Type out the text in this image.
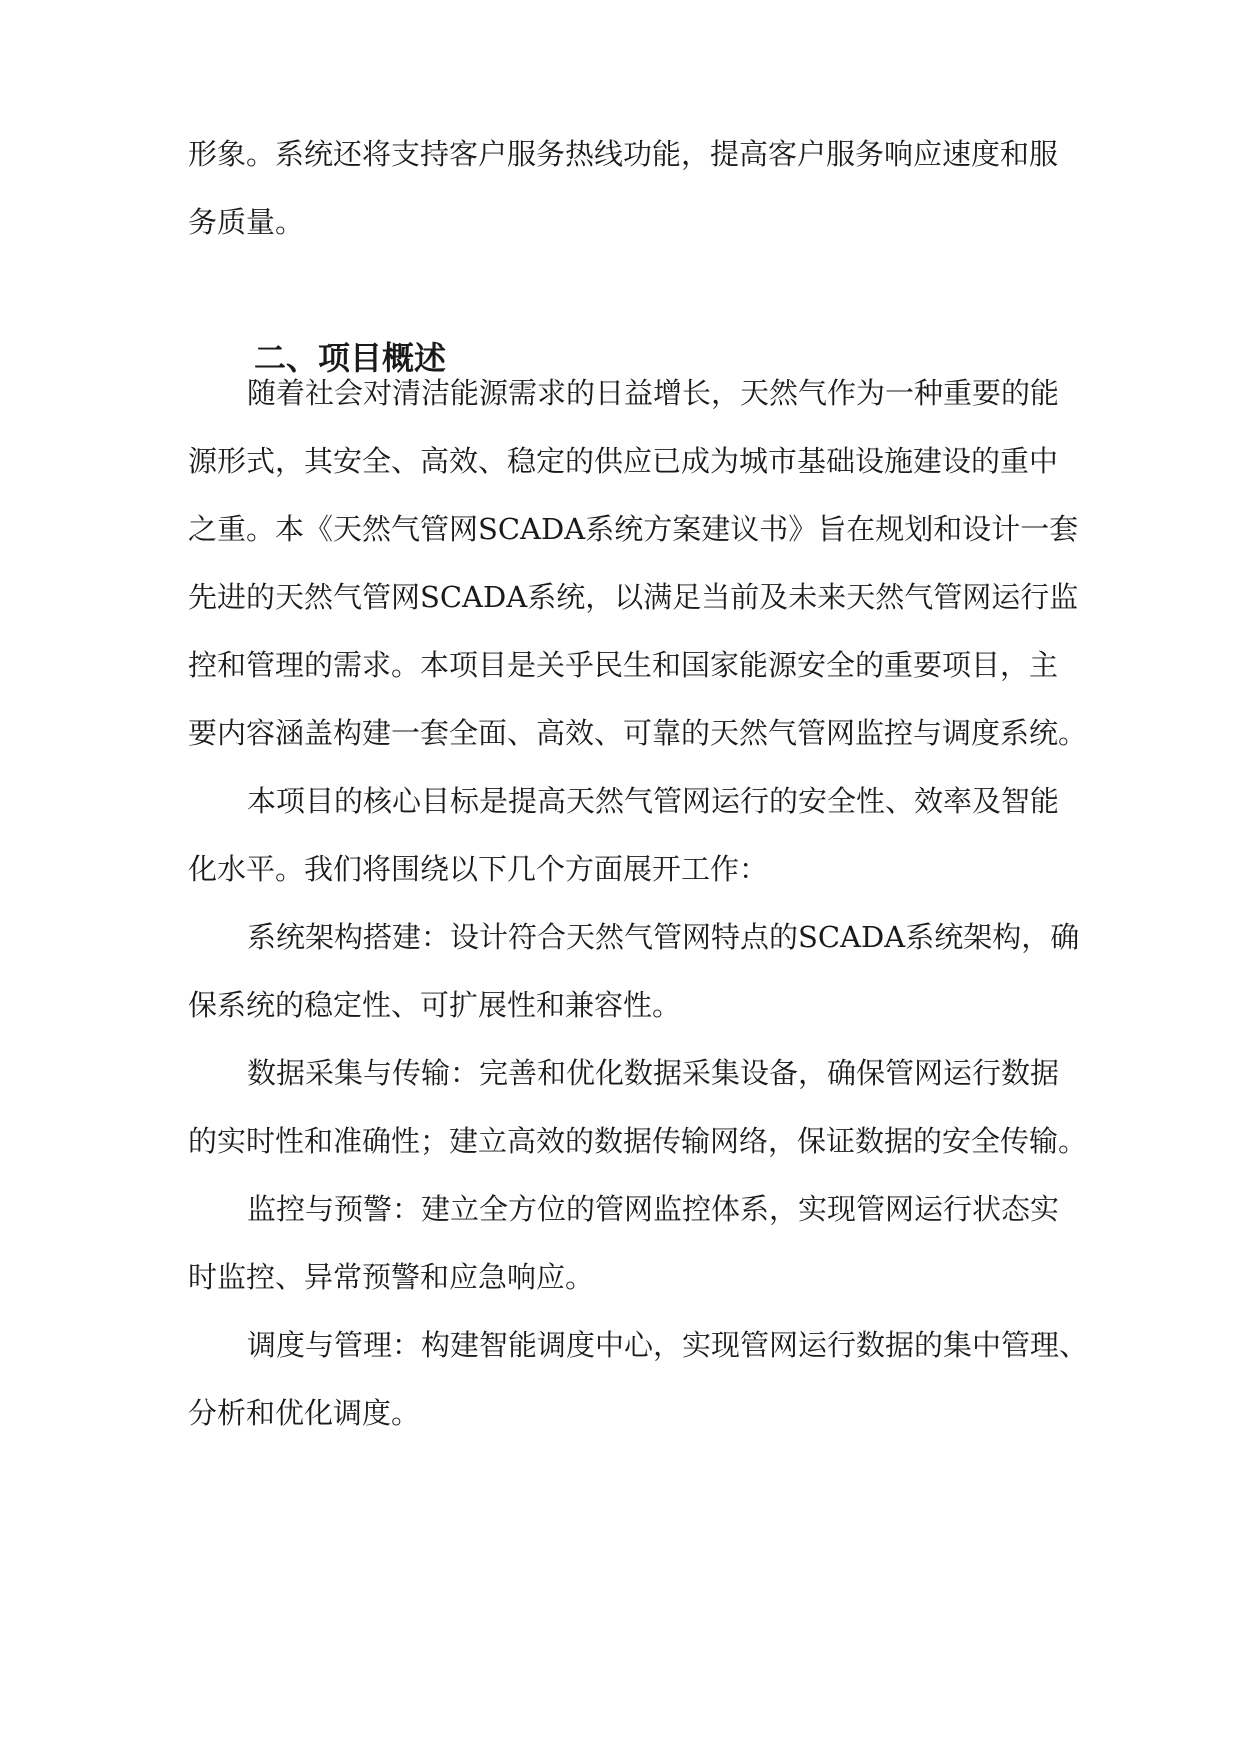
形象。系统还将支持客户服务热线功能，提高客户服务响应速度和服
务质量。
二、项目概述
随着社会对清洁能源需求的日益增长，天然气作为一种重要的能
源形式，其安全、高效、稳定的供应已成为城市基础设施建设的重中
之重。本《天然气管网SCADA系统方案建议书》旨在规划和设计一套
先进的天然气管网SCADA系统，以满足当前及未来天然气管网运行监
控和管理的需求。本项目是关乎民生和国家能源安全的重要项目，主
要内容涵盖构建一套全面、高效、可靠的天然气管网监控与调度系统。
本项目的核心目标是提高天然气管网运行的安全性、效率及智能
化水平。我们将围绕以下几个方面展开工作：
系统架构搭建：设计符合天然气管网特点的SCADA系统架构，确
保系统的稳定性、可扩展性和兼容性。
数据采集与传输：完善和优化数据采集设备，确保管网运行数据
的实时性和准确性；建立高效的数据传输网络，保证数据的安全传输。
监控与预警：建立全方位的管网监控体系，实现管网运行状态实
时监控、异常预警和应急响应。
调度与管理：构建智能调度中心，实现管网运行数据的集中管理、
分析和优化调度。
